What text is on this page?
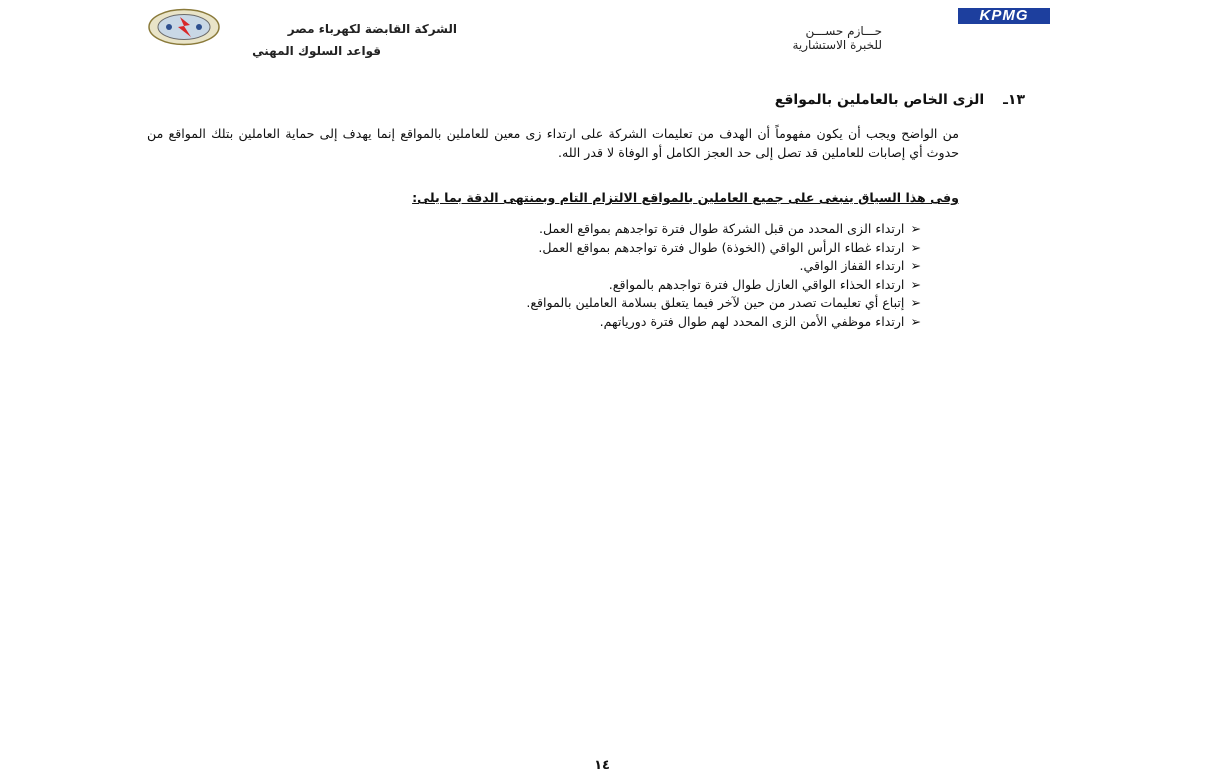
الشركة القابضة لكهرباء مصر
قواعد السلوك المهني
KPMG
حـــازم حســـن
للخبرة الاستشارية
١٣ـ الزى الخاص بالعاملين بالمواقع
من الواضح ويجب أن يكون مفهوماً أن الهدف من تعليمات الشركة على ارتداء زى معين للعاملين بالمواقع إنما يهدف إلى حماية العاملين بتلك المواقع من حدوث أي إصابات للعاملين قد تصل إلى حد العجز الكامل أو الوفاة لا قدر الله.
وفى هذا السياق ينبغى على جميع العاملين بالمواقع الالتزام التام وبمنتهى الدقة بما يلى:
➢ارتداء الزى المحدد من قبل الشركة طوال فترة تواجدهم بمواقع العمل.
➢ارتداء غطاء الرأس الواقي (الخوذة) طوال فترة تواجدهم بمواقع العمل.
➢ارتداء القفاز الواقي.
➢ارتداء الحذاء الواقي العازل طوال فترة تواجدهم بالمواقع.
➢إتباع أي تعليمات تصدر من حين لآخر فيما يتعلق بسلامة العاملين بالمواقع.
➢ارتداء موظفي الأمن الزى المحدد لهم طوال فترة دورياتهم.
١٤
